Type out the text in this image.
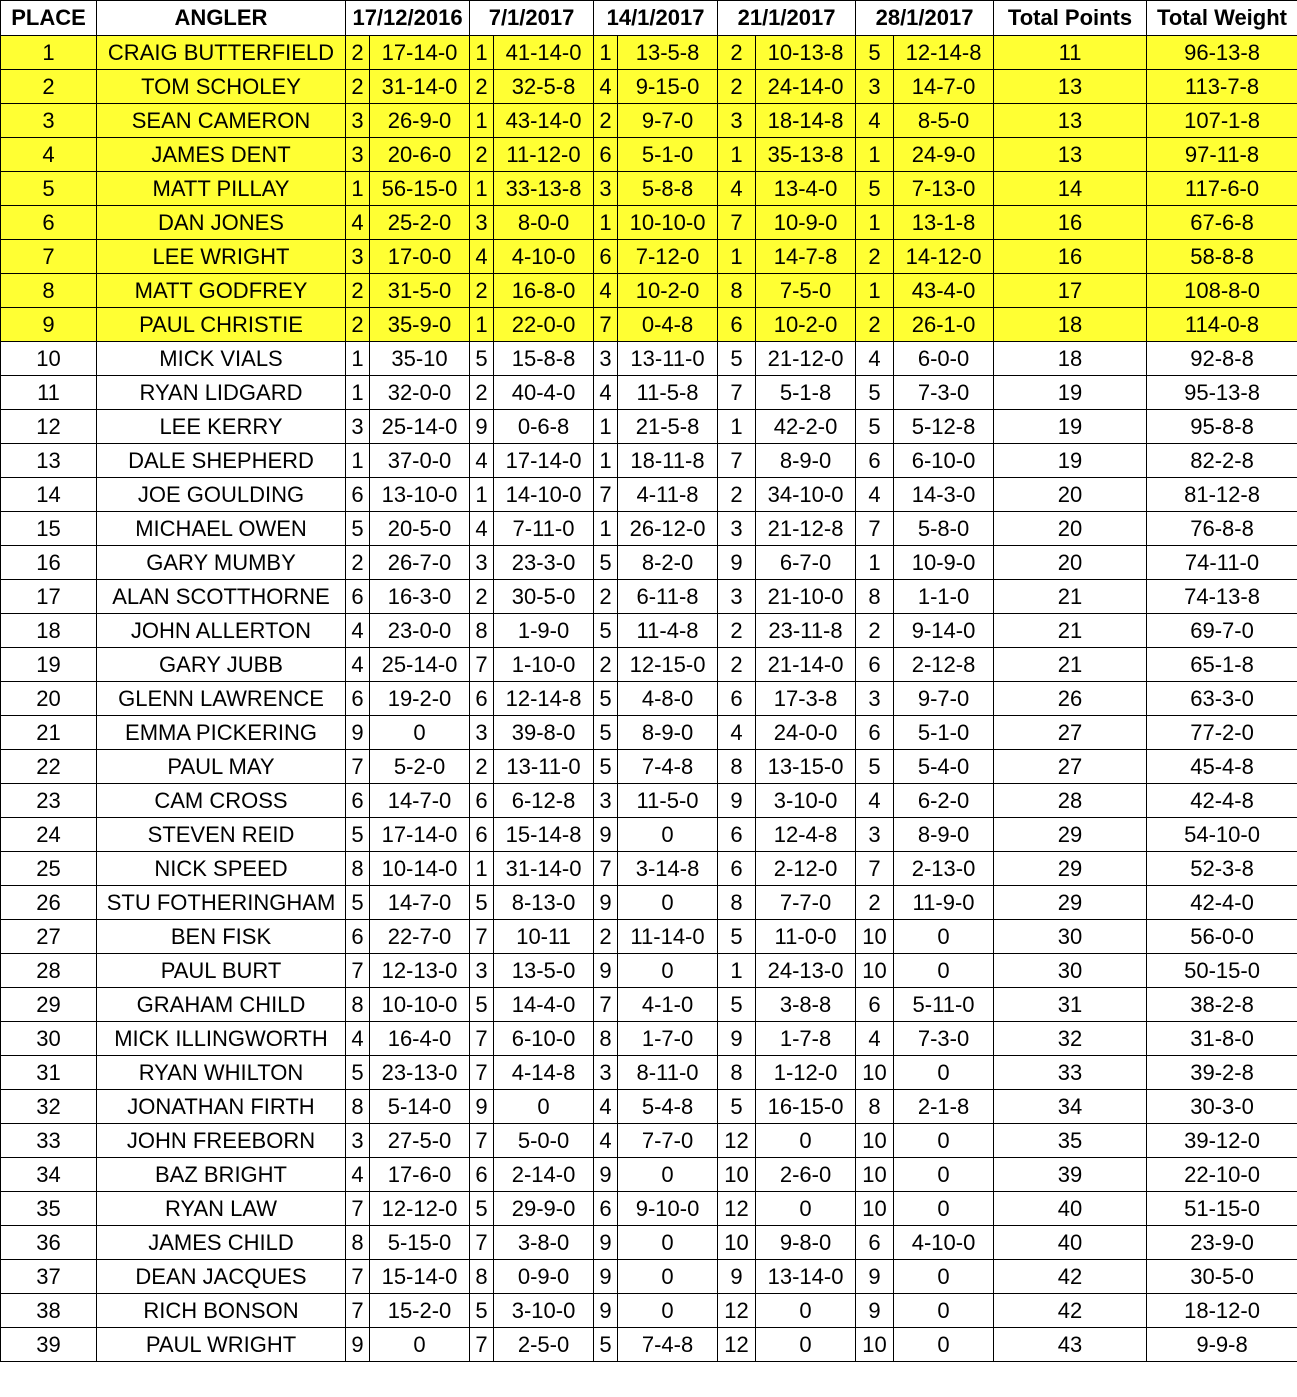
PLACE	ANGLER	17/12/2016		7/1/2017		14/1/2017		21/1/2017		28/1/2017		Total Points	Total Weight
1	CRAIG BUTTERFIELD	2	17-14-0	1	41-14-0	1	13-5-8	2	10-13-8	5	12-14-8	11	96-13-8
2	TOM SCHOLEY	2	31-14-0	2	32-5-8	4	9-15-0	2	24-14-0	3	14-7-0	13	113-7-8
3	SEAN CAMERON	3	26-9-0	1	43-14-0	2	9-7-0	3	18-14-8	4	8-5-0	13	107-1-8
4	JAMES DENT	3	20-6-0	2	11-12-0	6	5-1-0	1	35-13-8	1	24-9-0	13	97-11-8
5	MATT PILLAY	1	56-15-0	1	33-13-8	3	5-8-8	4	13-4-0	5	7-13-0	14	117-6-0
6	DAN JONES	4	25-2-0	3	8-0-0	1	10-10-0	7	10-9-0	1	13-1-8	16	67-6-8
7	LEE WRIGHT	3	17-0-0	4	4-10-0	6	7-12-0	1	14-7-8	2	14-12-0	16	58-8-8
8	MATT GODFREY	2	31-5-0	2	16-8-0	4	10-2-0	8	7-5-0	1	43-4-0	17	108-8-0
9	PAUL CHRISTIE	2	35-9-0	1	22-0-0	7	0-4-8	6	10-2-0	2	26-1-0	18	114-0-8
10	MICK VIALS	1	35-10	5	15-8-8	3	13-11-0	5	21-12-0	4	6-0-0	18	92-8-8
11	RYAN LIDGARD	1	32-0-0	2	40-4-0	4	11-5-8	7	5-1-8	5	7-3-0	19	95-13-8
12	LEE KERRY	3	25-14-0	9	0-6-8	1	21-5-8	1	42-2-0	5	5-12-8	19	95-8-8
13	DALE SHEPHERD	1	37-0-0	4	17-14-0	1	18-11-8	7	8-9-0	6	6-10-0	19	82-2-8
14	JOE GOULDING	6	13-10-0	1	14-10-0	7	4-11-8	2	34-10-0	4	14-3-0	20	81-12-8
15	MICHAEL OWEN	5	20-5-0	4	7-11-0	1	26-12-0	3	21-12-8	7	5-8-0	20	76-8-8
16	GARY MUMBY	2	26-7-0	3	23-3-0	5	8-2-0	9	6-7-0	1	10-9-0	20	74-11-0
17	ALAN SCOTTHORNE	6	16-3-0	2	30-5-0	2	6-11-8	3	21-10-0	8	1-1-0	21	74-13-8
18	JOHN ALLERTON	4	23-0-0	8	1-9-0	5	11-4-8	2	23-11-8	2	9-14-0	21	69-7-0
19	GARY JUBB	4	25-14-0	7	1-10-0	2	12-15-0	2	21-14-0	6	2-12-8	21	65-1-8
20	GLENN LAWRENCE	6	19-2-0	6	12-14-8	5	4-8-0	6	17-3-8	3	9-7-0	26	63-3-0
21	EMMA PICKERING	9	0	3	39-8-0	5	8-9-0	4	24-0-0	6	5-1-0	27	77-2-0
22	PAUL MAY	7	5-2-0	2	13-11-0	5	7-4-8	8	13-15-0	5	5-4-0	27	45-4-8
23	CAM CROSS	6	14-7-0	6	6-12-8	3	11-5-0	9	3-10-0	4	6-2-0	28	42-4-8
24	STEVEN REID	5	17-14-0	6	15-14-8	9	0	6	12-4-8	3	8-9-0	29	54-10-0
25	NICK SPEED	8	10-14-0	1	31-14-0	7	3-14-8	6	2-12-0	7	2-13-0	29	52-3-8
26	STU FOTHERINGHAM	5	14-7-0	5	8-13-0	9	0	8	7-7-0	2	11-9-0	29	42-4-0
27	BEN FISK	6	22-7-0	7	10-11	2	11-14-0	5	11-0-0	10	0	30	56-0-0
28	PAUL BURT	7	12-13-0	3	13-5-0	9	0	1	24-13-0	10	0	30	50-15-0
29	GRAHAM CHILD	8	10-10-0	5	14-4-0	7	4-1-0	5	3-8-8	6	5-11-0	31	38-2-8
30	MICK ILLINGWORTH	4	16-4-0	7	6-10-0	8	1-7-0	9	1-7-8	4	7-3-0	32	31-8-0
31	RYAN WHILTON	5	23-13-0	7	4-14-8	3	8-11-0	8	1-12-0	10	0	33	39-2-8
32	JONATHAN FIRTH	8	5-14-0	9	0	4	5-4-8	5	16-15-0	8	2-1-8	34	30-3-0
33	JOHN FREEBORN	3	27-5-0	7	5-0-0	4	7-7-0	12	0	10	0	35	39-12-0
34	BAZ BRIGHT	4	17-6-0	6	2-14-0	9	0	10	2-6-0	10	0	39	22-10-0
35	RYAN LAW	7	12-12-0	5	29-9-0	6	9-10-0	12	0	10	0	40	51-15-0
36	JAMES CHILD	8	5-15-0	7	3-8-0	9	0	10	9-8-0	6	4-10-0	40	23-9-0
37	DEAN JACQUES	7	15-14-0	8	0-9-0	9	0	9	13-14-0	9	0	42	30-5-0
38	RICH BONSON	7	15-2-0	5	3-10-0	9	0	12	0	9	0	42	18-12-0
39	PAUL WRIGHT	9	0	7	2-5-0	5	7-4-8	12	0	10	0	43	9-9-8
